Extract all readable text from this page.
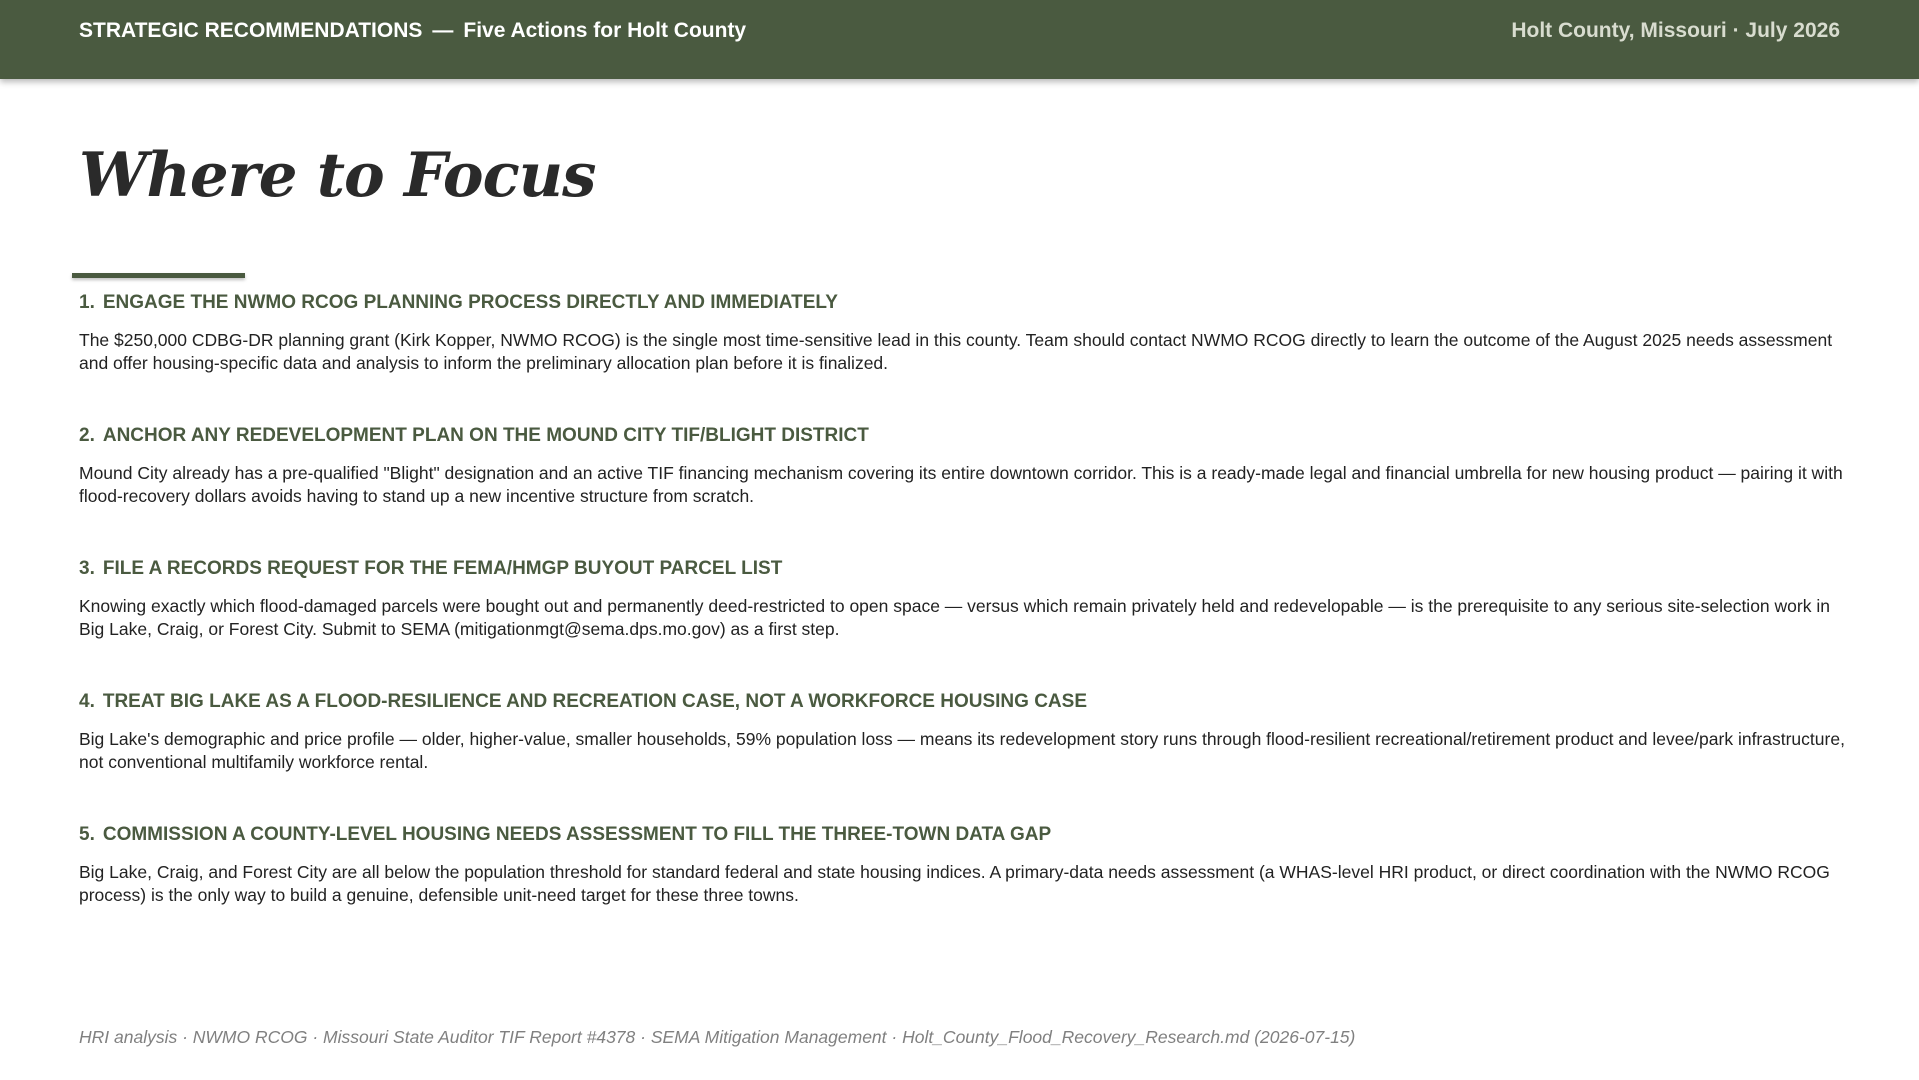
STRATEGIC RECOMMENDATIONS — Five Actions for Holt County	Holt County, Missouri · July 2026
Where to Focus
1. ENGAGE THE NWMO RCOG PLANNING PROCESS DIRECTLY AND IMMEDIATELY
The $250,000 CDBG-DR planning grant (Kirk Kopper, NWMO RCOG) is the single most time-sensitive lead in this county. Team should contact NWMO RCOG directly to learn the outcome of the August 2025 needs assessment and offer housing-specific data and analysis to inform the preliminary allocation plan before it is finalized.
2. ANCHOR ANY REDEVELOPMENT PLAN ON THE MOUND CITY TIF/BLIGHT DISTRICT
Mound City already has a pre-qualified "Blight" designation and an active TIF financing mechanism covering its entire downtown corridor. This is a ready-made legal and financial umbrella for new housing product — pairing it with flood-recovery dollars avoids having to stand up a new incentive structure from scratch.
3. FILE A RECORDS REQUEST FOR THE FEMA/HMGP BUYOUT PARCEL LIST
Knowing exactly which flood-damaged parcels were bought out and permanently deed-restricted to open space — versus which remain privately held and redevelopable — is the prerequisite to any serious site-selection work in Big Lake, Craig, or Forest City. Submit to SEMA (mitigationmgt@sema.dps.mo.gov) as a first step.
4. TREAT BIG LAKE AS A FLOOD-RESILIENCE AND RECREATION CASE, NOT A WORKFORCE HOUSING CASE
Big Lake's demographic and price profile — older, higher-value, smaller households, 59% population loss — means its redevelopment story runs through flood-resilient recreational/retirement product and levee/park infrastructure, not conventional multifamily workforce rental.
5. COMMISSION A COUNTY-LEVEL HOUSING NEEDS ASSESSMENT TO FILL THE THREE-TOWN DATA GAP
Big Lake, Craig, and Forest City are all below the population threshold for standard federal and state housing indices. A primary-data needs assessment (a WHAS-level HRI product, or direct coordination with the NWMO RCOG process) is the only way to build a genuine, defensible unit-need target for these three towns.
HRI analysis · NWMO RCOG · Missouri State Auditor TIF Report #4378 · SEMA Mitigation Management · Holt_County_Flood_Recovery_Research.md (2026-07-15)
